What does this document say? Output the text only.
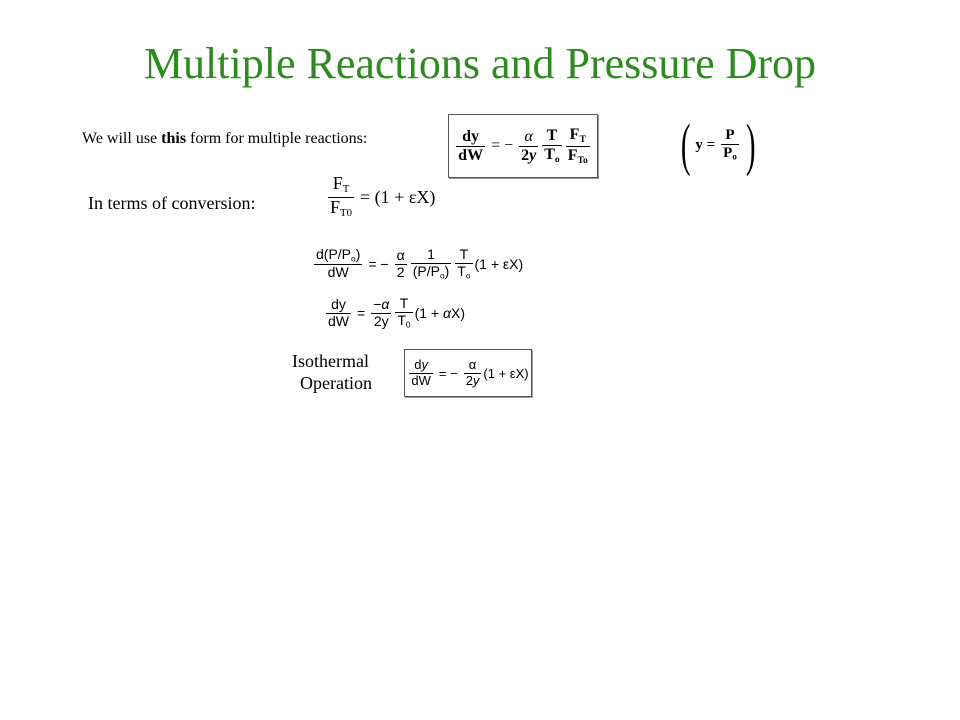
Multiple Reactions and Pressure Drop
We will use this form for multiple reactions:	$\frac{dy}{dW}$ = − $\frac{\alpha}{2y} \frac{T}{T_o} \frac{F_T}{F_{To}}$ ( $y = \frac{P}{P_o}$ )
In terms of conversion:	$\frac{F_T}{F_{T0}} = (1 + \varepsilon X)$
$\frac{d(P/P_o)}{dW}$ = − $\frac{\alpha}{2} \frac{1}{(P/P_o)} \frac{T}{T_o} (1 + \varepsilon X)$
$\frac{dy}{dW} = \frac{-\alpha}{2y} \frac{T}{T_0} (1 + \alpha X)$
Isothermal
Operation	$\frac{dy}{dW}$ = − $\frac{\alpha}{2y} (1 + \varepsilon X)$
